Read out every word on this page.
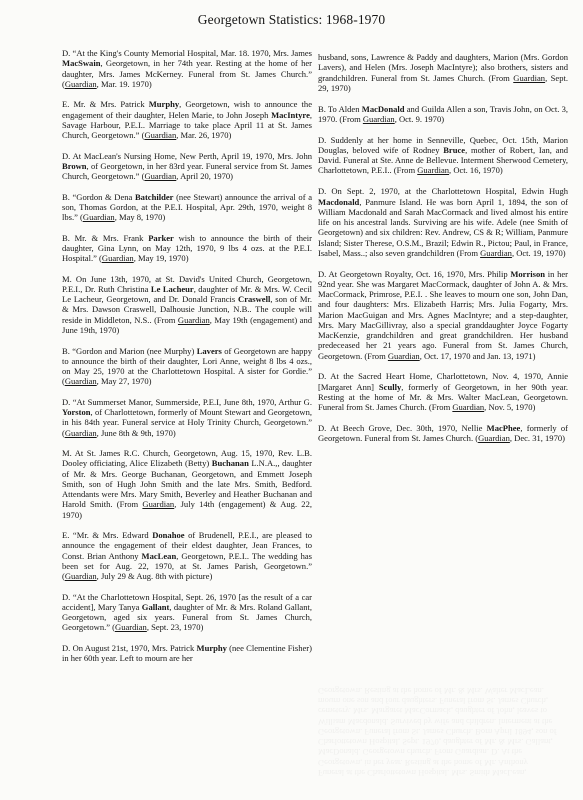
Georgetown Statistics: 1968-1970
Funeral at the Charlottetown Hospital. Mrs. Smith MacLean, Georgetown, in her year. Resting at the home of Mr. Anthony MacDonald. Georgetown church. From Guardian. D. At the Charlottetown Hospital, Sept. 1970, daughter of Mr. & Mrs. Gallant, Georgetown. Funeral from St. James Church. Born April 1894, son of William Macdonald. Survived by wife and children. Interment at the cemetery. Mrs. Margaret MacCormack, daughter of John, leaves to mourn one son and four daughters. Funeral from St. James Church, Georgetown. Resting at the home of Mr. & Mrs. Walter MacLean.

D. “At the King's County Memorial Hospital, Mar. 18. 1970, Mrs. James MacSwain, Georgetown, in her 74th year. Resting at the home of her daughter, Mrs. James McKerney. Funeral from St. James Church.” (Guardian, Mar. 19. 1970)

E. Mr. & Mrs. Patrick Murphy, Georgetown, wish to announce the engagement of their daughter, Helen Marie, to John Joseph MacIntyre, Savage Harbour, P.E.I.. Marriage to take place April 11 at St. James Church, Georgetown.” (Guardian, Mar. 26, 1970)

D. At MacLean's Nursing Home, New Perth, April 19, 1970, Mrs. John Brown, of Georgetown, in her 83rd year. Funeral service from St. James Church, Georgetown.” (Guardian, April 20, 1970)

B. “Gordon & Dena Batchilder (nee Stewart) announce the arrival of a son, Thomas Gordon, at the P.E.I. Hospital, Apr. 29th, 1970, weight 8 lbs.” (Guardian, May 8, 1970)

B. Mr. & Mrs. Frank Parker wish to announce the birth of their daughter, Gina Lynn, on May 12th, 1970, 9 lbs 4 ozs. at the P.E.I. Hospital.” (Guardian, May 19, 1970)

M. On June 13th, 1970, at St. David's United Church, Georgetown, P.E.I., Dr. Ruth Christina Le Lacheur, daughter of Mr. & Mrs. W. Cecil Le Lacheur, Georgetown, and Dr. Donald Francis Craswell, son of Mr. & Mrs. Dawson Craswell, Dalhousie Junction, N.B.. The couple will reside in Middleton, N.S.. (From Guardian, May 19th (engagement) and June 19th, 1970)

B. “Gordon and Marion (nee Murphy) Lavers of Georgetown are happy to announce the birth of their daughter, Lori Anne, weight 8 lbs 4 ozs., on May 25, 1970 at the Charlottetown Hospital. A sister for Gordie.” (Guardian, May 27, 1970)

D. “At Summerset Manor, Summerside, P.E.I, June 8th, 1970, Arthur G. Yorston, of Charlottetown, formerly of Mount Stewart and Georgetown, in his 84th year. Funeral service at Holy Trinity Church, Georgetown.” (Guardian, June 8th & 9th, 1970)

M. At St. James R.C. Church, Georgetown, Aug. 15, 1970, Rev. L.B. Dooley officiating, Alice Elizabeth (Betty) Buchanan L.N.A.,, daughter of Mr. & Mrs. George Buchanan, Georgetown, and Emmett Joseph Smith, son of Hugh John Smith and the late Mrs. Smith, Bedford. Attendants were Mrs. Mary Smith, Beverley and Heather Buchanan and Harold Smith. (From Guardian, July 14th (engagement) & Aug. 22, 1970)

E. “Mr. & Mrs. Edward Donahoe of Brudenell, P.E.I., are pleased to announce the engagement of their eldest daughter, Jean Frances, to Const. Brian Anthony MacLean, Georgetown, P.E.I.. The wedding has been set for Aug. 22, 1970, at St. James Parish, Georgetown.” (Guardian, July 29 & Aug. 8th with picture)

D. “At the Charlottetown Hospital, Sept. 26, 1970 [as the result of a car accident], Mary Tanya Gallant, daughter of Mr. & Mrs. Roland Gallant, Georgetown, aged six years. Funeral from St. James Church, Georgetown.” (Guardian, Sept. 23, 1970)

D. On August 21st, 1970, Mrs. Patrick Murphy (nee Clementine Fisher) in her 60th year. Left to mourn are her

husband, sons, Lawrence & Paddy and daughters, Marion (Mrs. Gordon Lavers), and Helen (Mrs. Joseph MacIntyre); also brothers, sisters and grandchildren. Funeral from St. James Church. (From Guardian, Sept. 29, 1970)

B. To Alden MacDonald and Guilda Allen a son, Travis John, on Oct. 3, 1970. (From Guardian, Oct. 9. 1970)

D. Suddenly at her home in Senneville, Quebec, Oct. 15th, Marion Douglas, beloved wife of Rodney Bruce, mother of Robert, Ian, and David. Funeral at Ste. Anne de Bellevue. Interment Sherwood Cemetery, Charlottetown, P.E.I.. (From Guardian, Oct. 16, 1970)

D. On Sept. 2, 1970, at the Charlottetown Hospital, Edwin Hugh Macdonald, Panmure Island. He was born April 1, 1894, the son of William Macdonald and Sarah MacCormack and lived almost his entire life on his ancestral lands. Surviving are his wife. Adele (nee Smith of Georgetown) and six children: Rev. Andrew, CS & R; William, Panmure Island; Sister Therese, O.S.M., Brazil; Edwin R., Pictou; Paul, in France, Isabel, Mass..; also seven grandchildren (From Guardian, Oct. 19, 1970)

D. At Georgetown Royalty, Oct. 16, 1970, Mrs. Philip Morrison in her 92nd year. She was Margaret MacCormack, daughter of John A. & Mrs. MacCormack, Primrose, P.E.I. . She leaves to mourn one son, John Dan, and four daughters: Mrs. Elizabeth Harris; Mrs. Julia Fogarty, Mrs. Marion MacGuigan and Mrs. Agnes MacIntyre; and a step-daughter, Mrs. Mary MacGillivray, also a special granddaughter Joyce Fogarty MacKenzie, grandchildren and great grandchildren. Her husband predeceased her 21 years ago. Funeral from St. James Church, Georgetown. (From Guardian, Oct. 17, 1970 and Jan. 13, 1971)

D. At the Sacred Heart Home, Charlottetown, Nov. 4, 1970, Annie [Margaret Ann] Scully, formerly of Georgetown, in her 90th year. Resting at the home of Mr. & Mrs. Walter MacLean, Georgetown. Funeral from St. James Church. (From Guardian, Nov. 5, 1970)

D. At Beech Grove, Dec. 30th, 1970, Nellie MacPhee, formerly of Georgetown. Funeral from St. James Church. (Guardian, Dec. 31, 1970)
